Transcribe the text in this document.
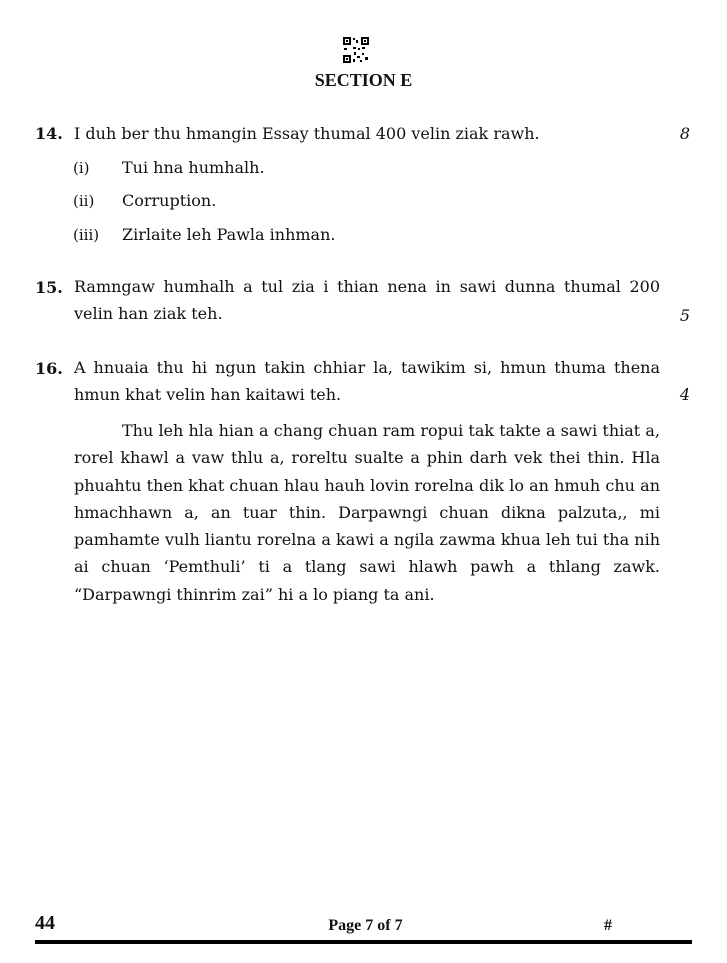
SECTION E
14. I duh ber thu hmangin Essay thumal 400 velin ziak rawh.	8
(i) Tui hna humhalh.
(ii) Corruption.
(iii) Zirlaite leh Pawla inhman.
15. Ramngaw humhalh a tul zia i thian nena in sawi dunna thumal 200 velin han ziak teh.	5
16. A hnuaia thu hi ngun takin chhiar la, tawikim si, hmun thuma thena hmun khat velin han kaitawi teh.	4
Thu leh hla hian a chang chuan ram ropui tak takte a sawi thiat a, rorel khawl a vaw thlu a, roreltu sualte a phin darh vek thei thin. Hla phuahtu then khat chuan hlau hauh lovin rorelna dik lo an hmuh chu an hmachhawn a, an tuar thin. Darpawngi chuan dikna palzuta,, mi pamhamte vulh liantu rorelna a kawi a ngila zawma khua leh tui tha nih ai chuan ‘Pemthuli’ ti a tlang sawi hlawh pawh a thlang zawk. “Darpawngi thinrim zai” hi a lo piang ta ani.
44	Page 7 of 7	#
